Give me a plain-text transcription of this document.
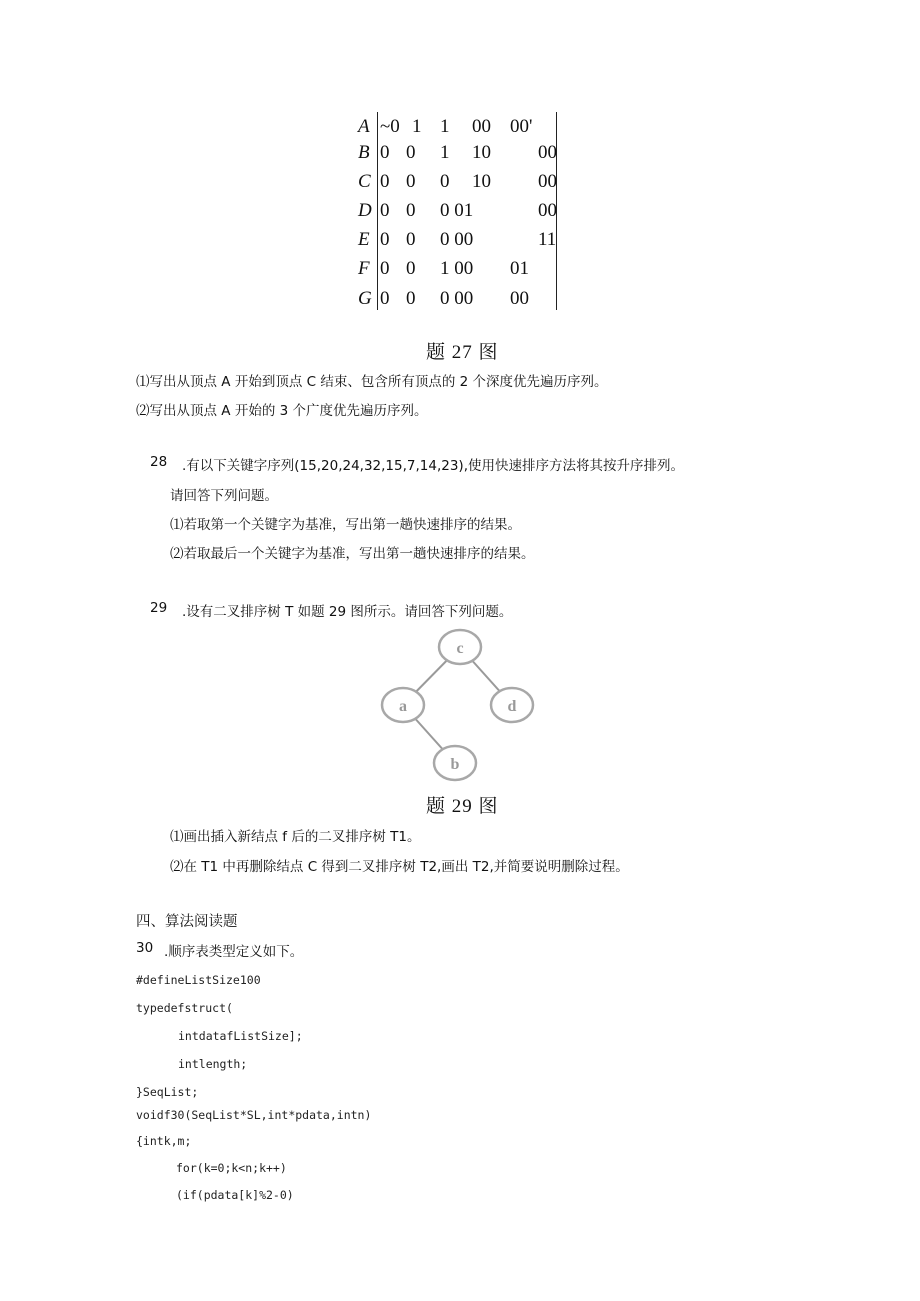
A ~0 1 1 00 00'
B 0 0 1 10 00
C 0 0 0 10 00
D 0 0 0 01	00
E 0 0 0 00	11
F 0 0 1 00 01
G 0 0 0 00 00
题 27 图
⑴写出从顶点 A 开始到顶点 C 结束、包含所有顶点的 2 个深度优先遍历序列。
⑵写出从顶点 A 开始的 3 个广度优先遍历序列。
28 .有以下关键字序列(15,20,24,32,15,7,14,23),使用快速排序方法将其按升序排列。
请回答下列问题。
⑴若取第一个关键字为基准，写出第一趟快速排序的结果。
⑵若取最后一个关键字为基准，写出第一趟快速排序的结果。
29 .设有二叉排序树 T 如题 29 图所示。请回答下列问题。
c
a	d
b
题 29 图
⑴画出插入新结点 f 后的二叉排序树 T1。
⑵在 T1 中再删除结点 C 得到二叉排序树 T2,画出 T2,并简要说明删除过程。
四、算法阅读题
30 .顺序表类型定义如下。
#defineListSize100
typedefstruct(
intdatafListSize];
intlength;
}SeqList;
voidf30(SeqList*SL,int*pdata,intn)
{intk,m;
for(k=0;k<n;k++)
(if(pdata[k]%2-0)
